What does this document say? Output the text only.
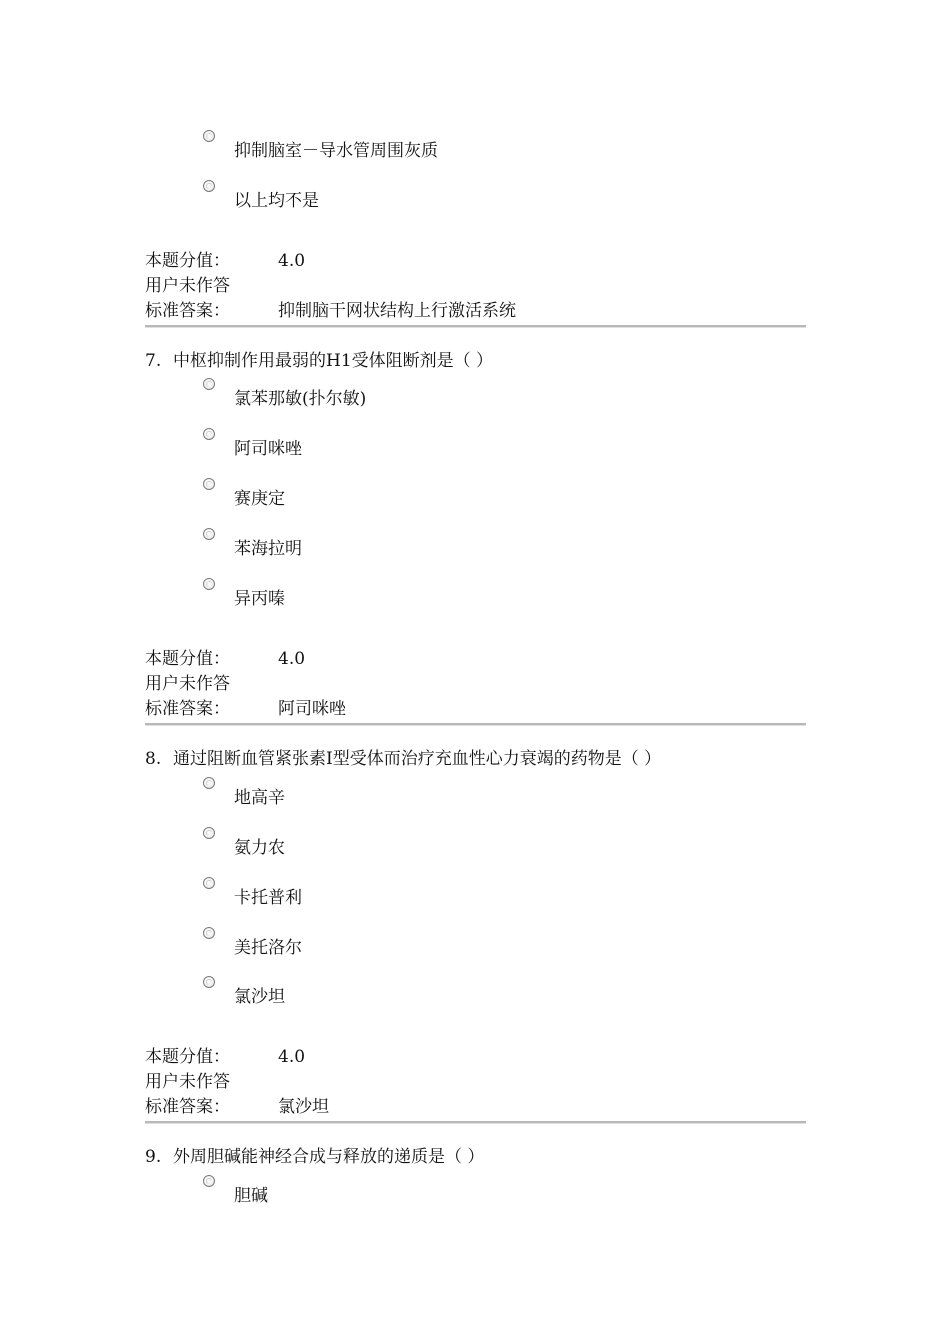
抑制脑室－导水管周围灰质
以上均不是
本题分值：	4.0
用户未作答
标准答案：	抑制脑干网状结构上行激活系统
7. 中枢抑制作用最弱的H1受体阻断剂是（ ）
氯苯那敏(扑尔敏)
阿司咪唑
赛庚定
苯海拉明
异丙嗪
本题分值：	4.0
用户未作答
标准答案：	阿司咪唑
8. 通过阻断血管紧张素Ⅰ型受体而治疗充血性心力衰竭的药物是（ ）
地高辛
氨力农
卡托普利
美托洛尔
氯沙坦
本题分值：	4.0
用户未作答
标准答案：	氯沙坦
9. 外周胆碱能神经合成与释放的递质是（ ）
胆碱
